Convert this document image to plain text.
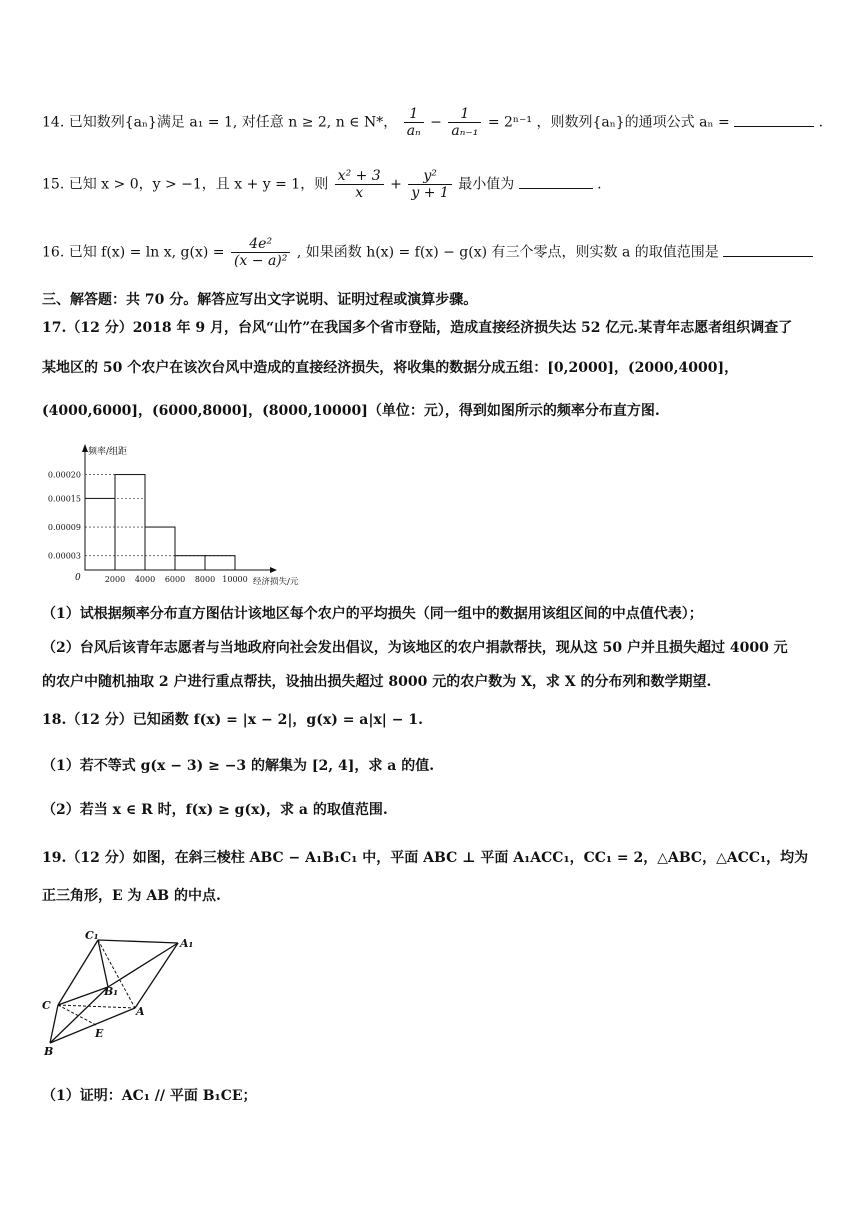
14. 已知数列{aₙ}满足 a₁ = 1, 对任意 n ≥ 2, n ∈ N*， $\frac{1}{\text{aₙ}} - \frac{1}{\text{aₙ₋₁}} = 2^{n-1}$ ，则数列{aₙ}的通项公式 aₙ =	.
15. 已知 x > 0，y > −1，且 x + y = 1，则 $\frac{\text{x² + 3}}{x} + \frac{\text{y²}}{y + 1}$ 最小值为	.
16. 已知 f(x) = ln x, $g(x) = \frac{\text{4e²}}{\text{(x − a)²}}$ , 如果函数 h(x) = f(x) − g(x) 有三个零点，则实数 a 的取值范围是
三、解答题：共 70 分。解答应写出文字说明、证明过程或演算步骤。
17.（12 分）2018 年 9 月，台风“山竹”在我国多个省市登陆，造成直接经济损失达 52 亿元.某青年志愿者组织调查了
某地区的 50 个农户在该次台风中造成的直接经济损失，将收集的数据分成五组：[0,2000]，(2000,4000]，
(4000,6000]，(6000,8000]，(8000,10000]（单位：元），得到如图所示的频率分布直方图.
0.00020
0.00015
0.00009
0.00003
2000 4000 6000 8000 10000
0
频率/组距
经济损失/元
（1）试根据频率分布直方图估计该地区每个农户的平均损失（同一组中的数据用该组区间的中点值代表）；
（2）台风后该青年志愿者与当地政府向社会发出倡议，为该地区的农户捐款帮扶，现从这 50 户并且损失超过 4000 元
的农户中随机抽取 2 户进行重点帮扶，设抽出损失超过 8000 元的农户数为 X，求 X 的分布列和数学期望.
18.（12 分）已知函数 f(x) = |x − 2|，g(x) = a|x| − 1.
（1）若不等式 g(x − 3) ≥ −3 的解集为 [2, 4]，求 a 的值.
（2）若当 x ∈ R 时，f(x) ≥ g(x)，求 a 的取值范围.
19.（12 分）如图，在斜三棱柱 ABC − A₁B₁C₁ 中，平面 ABC ⊥ 平面 A₁ACC₁，CC₁ = 2，△ABC，△ACC₁，均为
正三角形，E 为 AB 的中点.
C₁
A₁
B₁
C	A
E
B
（1）证明：AC₁ // 平面 B₁CE；
